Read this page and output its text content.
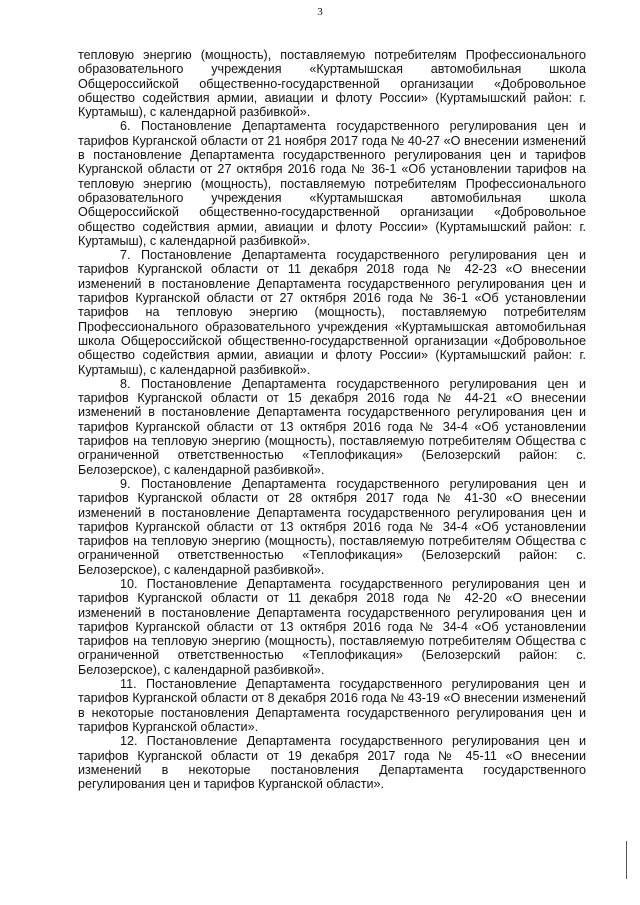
3

тепловую энергию (мощность), поставляемую потребителям Профессионального образовательного учреждения «Куртамышская автомобильная школа Общероссийской общественно-государственной организации «Добровольное общество содействия армии, авиации и флоту России» (Куртамышский район: г. Куртамыш), с календарной разбивкой».

6. Постановление Департамента государственного регулирования цен и тарифов Курганской области от 21 ноября 2017 года № 40-27 «О внесении изменений в постановление Департамента государственного регулирования цен и тарифов Курганской области от 27 октября 2016 года № 36-1 «Об установлении тарифов на тепловую энергию (мощность), поставляемую потребителям Профессионального образовательного учреждения «Куртамышская автомобильная школа Общероссийской общественно-государственной организации «Добровольное общество содействия армии, авиации и флоту России» (Куртамышский район: г. Куртамыш), с календарной разбивкой».

7. Постановление Департамента государственного регулирования цен и тарифов Курганской области от 11 декабря 2018 года № 42-23 «О внесении изменений в постановление Департамента государственного регулирования цен и тарифов Курганской области от 27 октября 2016 года № 36-1 «Об установлении тарифов на тепловую энергию (мощность), поставляемую потребителям Профессионального образовательного учреждения «Куртамышская автомобильная школа Общероссийской общественно-государственной организации «Добровольное общество содействия армии, авиации и флоту России» (Куртамышский район: г. Куртамыш), с календарной разбивкой».

8. Постановление Департамента государственного регулирования цен и тарифов Курганской области от 15 декабря 2016 года № 44-21 «О внесении изменений в постановление Департамента государственного регулирования цен и тарифов Курганской области от 13 октября 2016 года № 34-4 «Об установлении тарифов на тепловую энергию (мощность), поставляемую потребителям Общества с ограниченной ответственностью «Теплофикация» (Белозерский район: с. Белозерское), с календарной разбивкой».

9. Постановление Департамента государственного регулирования цен и тарифов Курганской области от 28 октября 2017 года № 41-30 «О внесении изменений в постановление Департамента государственного регулирования цен и тарифов Курганской области от 13 октября 2016 года № 34-4 «Об установлении тарифов на тепловую энергию (мощность), поставляемую потребителям Общества с ограниченной ответственностью «Теплофикация» (Белозерский район: с. Белозерское), с календарной разбивкой».

10. Постановление Департамента государственного регулирования цен и тарифов Курганской области от 11 декабря 2018 года № 42-20 «О внесении изменений в постановление Департамента государственного регулирования цен и тарифов Курганской области от 13 октября 2016 года № 34-4 «Об установлении тарифов на тепловую энергию (мощность), поставляемую потребителям Общества с ограниченной ответственностью «Теплофикация» (Белозерский район: с. Белозерское), с календарной разбивкой».

11. Постановление Департамента государственного регулирования цен и тарифов Курганской области от 8 декабря 2016 года № 43-19 «О внесении изменений в некоторые постановления Департамента государственного регулирования цен и тарифов Курганской области».

12. Постановление Департамента государственного регулирования цен и тарифов Курганской области от 19 декабря 2017 года № 45-11 «О внесении изменений в некоторые постановления Департамента государственного регулирования цен и тарифов Курганской области».
